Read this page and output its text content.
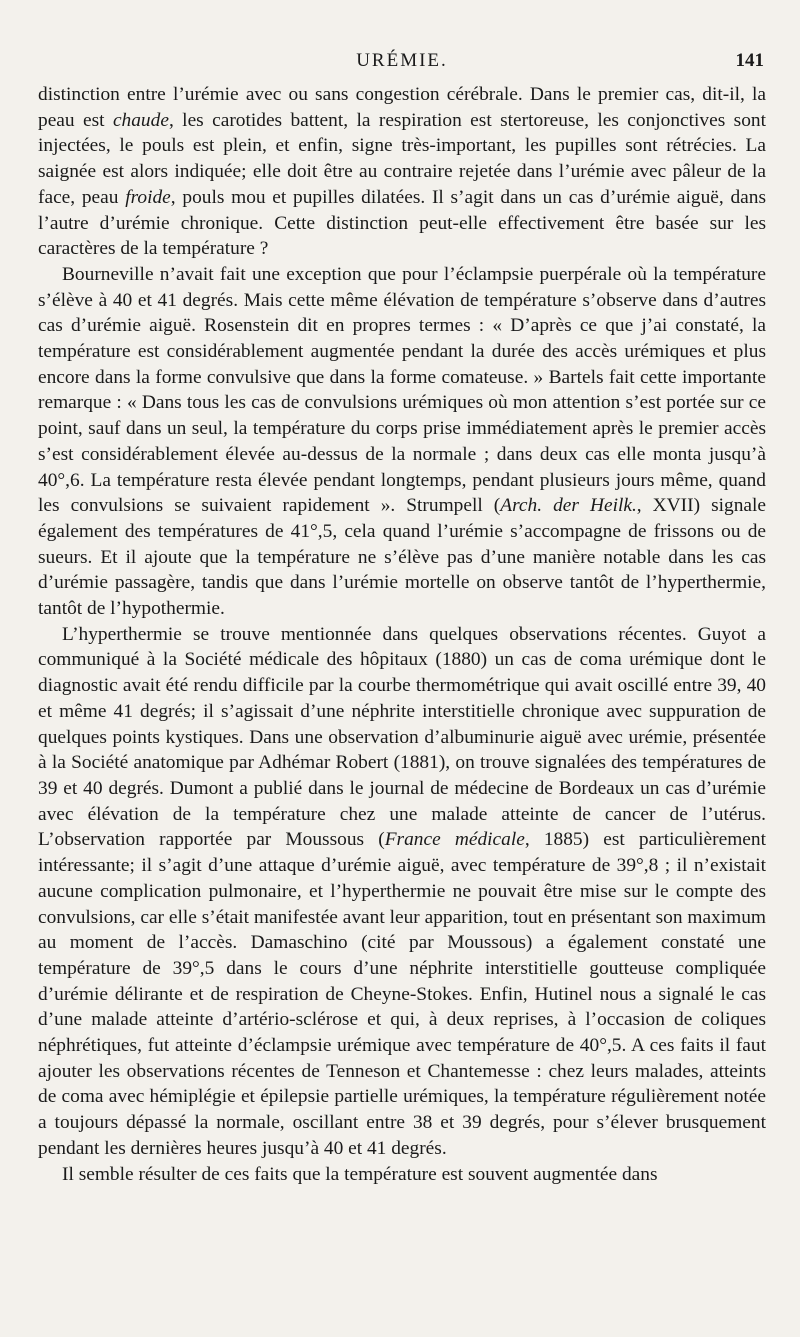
URÉMIE.	141

distinction entre l’urémie avec ou sans congestion cérébrale. Dans le premier cas, dit-il, la peau est chaude, les carotides battent, la respiration est stertoreuse, les conjonctives sont injectées, le pouls est plein, et enfin, signe très-important, les pupilles sont rétrécies. La saignée est alors indiquée; elle doit être au contraire rejetée dans l’urémie avec pâleur de la face, peau froide, pouls mou et pupilles dilatées. Il s’agit dans un cas d’urémie aiguë, dans l’autre d’urémie chronique. Cette distinction peut-elle effectivement être basée sur les caractères de la température ?

Bourneville n’avait fait une exception que pour l’éclampsie puerpérale où la température s’élève à 40 et 41 degrés. Mais cette même élévation de température s’observe dans d’autres cas d’urémie aiguë. Rosenstein dit en propres termes : « D’après ce que j’ai constaté, la température est considérablement augmentée pendant la durée des accès urémiques et plus encore dans la forme convulsive que dans la forme comateuse. » Bartels fait cette importante remarque : « Dans tous les cas de convulsions urémiques où mon attention s’est portée sur ce point, sauf dans un seul, la température du corps prise immédiatement après le premier accès s’est considérablement élevée au-dessus de la normale ; dans deux cas elle monta jusqu’à 40°,6. La température resta élevée pendant longtemps, pendant plusieurs jours même, quand les convulsions se suivaient rapidement ». Strumpell (Arch. der Heilk., XVII) signale également des températures de 41°,5, cela quand l’urémie s’accompagne de frissons ou de sueurs. Et il ajoute que la température ne s’élève pas d’une manière notable dans les cas d’urémie passagère, tandis que dans l’urémie mortelle on observe tantôt de l’hyperthermie, tantôt de l’hypothermie.

L’hyperthermie se trouve mentionnée dans quelques observations récentes. Guyot a communiqué à la Société médicale des hôpitaux (1880) un cas de coma urémique dont le diagnostic avait été rendu difficile par la courbe thermométrique qui avait oscillé entre 39, 40 et même 41 degrés; il s’agissait d’une néphrite interstitielle chronique avec suppuration de quelques points kystiques. Dans une observation d’albuminurie aiguë avec urémie, présentée à la Société anatomique par Adhémar Robert (1881), on trouve signalées des températures de 39 et 40 degrés. Dumont a publié dans le journal de médecine de Bordeaux un cas d’urémie avec élévation de la température chez une malade atteinte de cancer de l’utérus. L’observation rapportée par Moussous (France médicale, 1885) est particulièrement intéressante; il s’agit d’une attaque d’urémie aiguë, avec température de 39°,8 ; il n’existait aucune complication pulmonaire, et l’hyperthermie ne pouvait être mise sur le compte des convulsions, car elle s’était manifestée avant leur apparition, tout en présentant son maximum au moment de l’accès. Damaschino (cité par Moussous) a également constaté une température de 39°,5 dans le cours d’une néphrite interstitielle goutteuse compliquée d’urémie délirante et de respiration de Cheyne-Stokes. Enfin, Hutinel nous a signalé le cas d’une malade atteinte d’artério-sclérose et qui, à deux reprises, à l’occasion de coliques néphrétiques, fut atteinte d’éclampsie urémique avec température de 40°,5. A ces faits il faut ajouter les observations récentes de Tenneson et Chantemesse : chez leurs malades, atteints de coma avec hémiplégie et épilepsie partielle urémiques, la température régulièrement notée a toujours dépassé la normale, oscillant entre 38 et 39 degrés, pour s’élever brusquement pendant les dernières heures jusqu’à 40 et 41 degrés.

Il semble résulter de ces faits que la température est souvent augmentée dans
